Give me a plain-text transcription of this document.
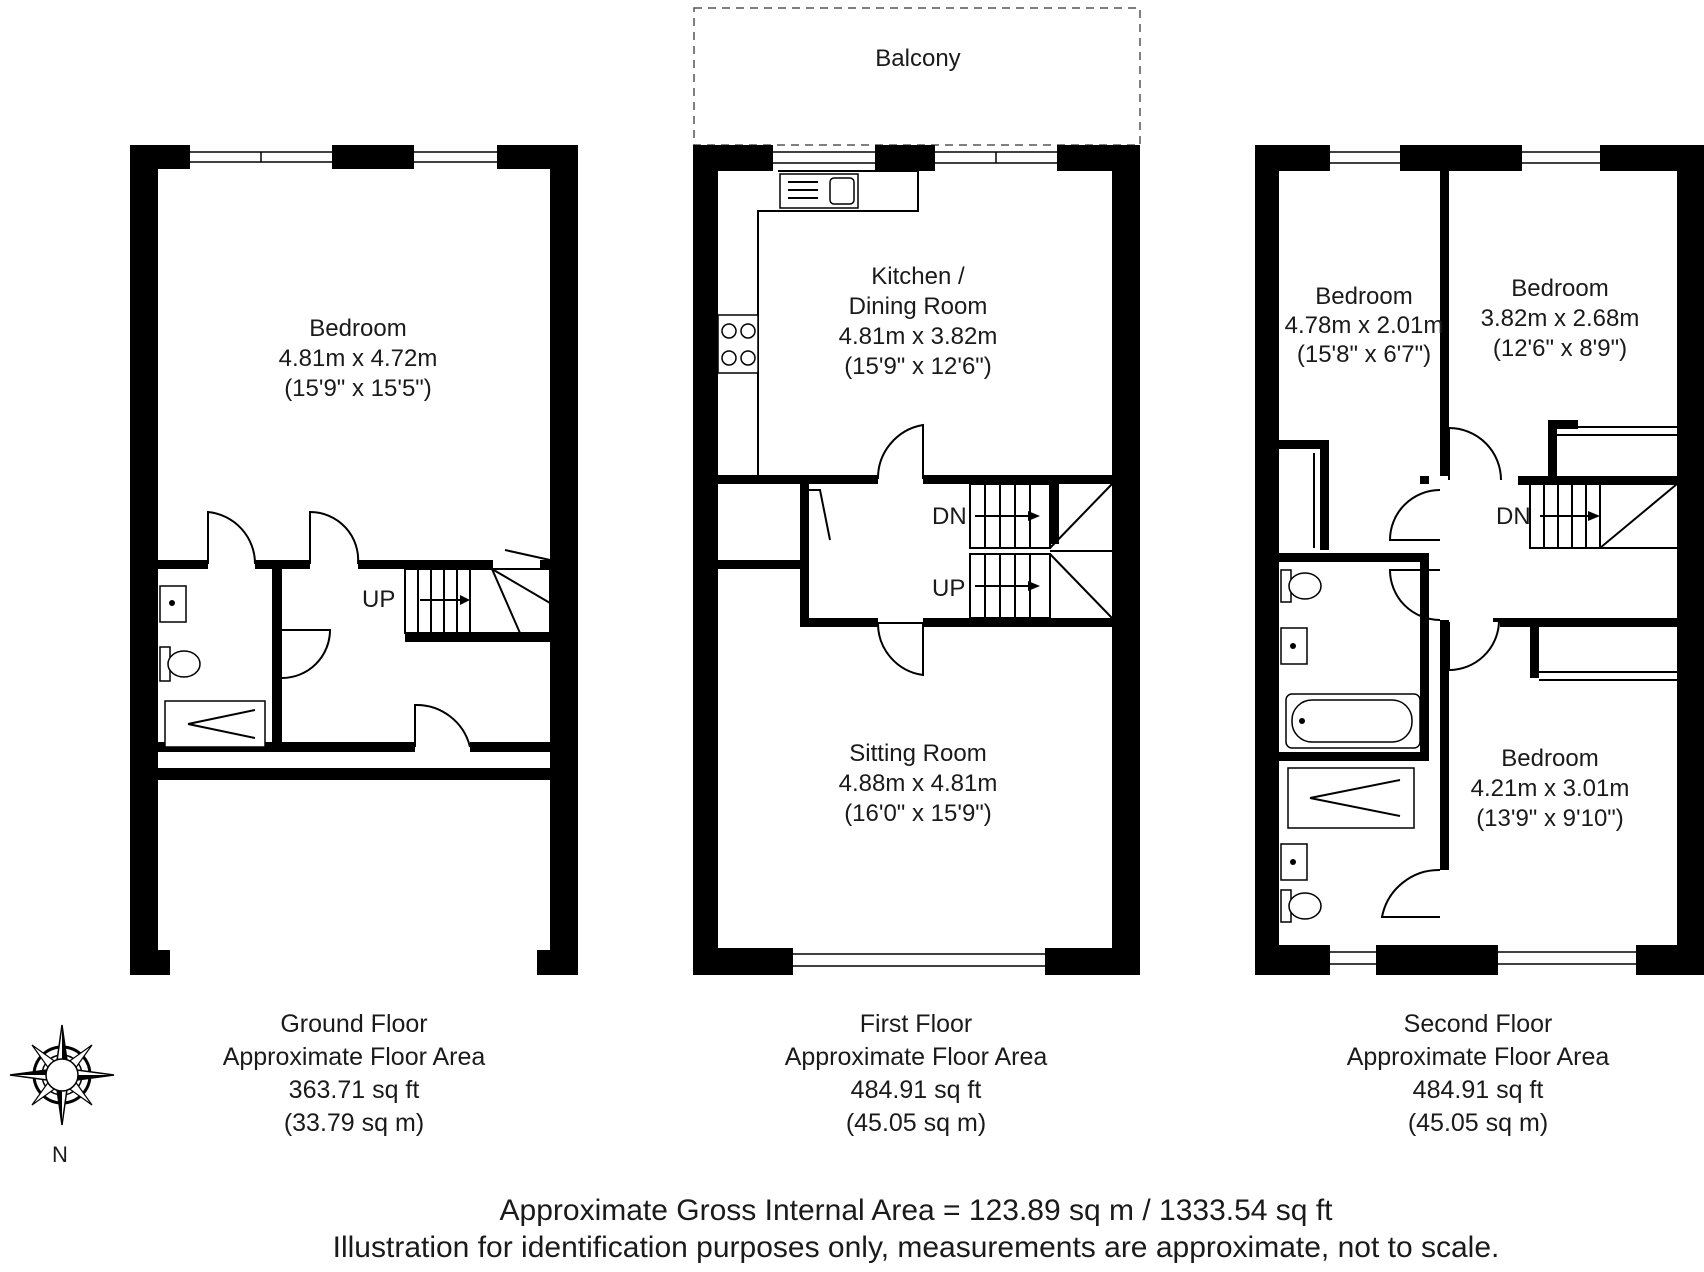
Bedroom
4.81m x 4.72m
(15'9" x 15'5")
UP
Balcony
Kitchen /
Dining Room
4.81m x 3.82m
(15'9" x 12'6")
Sitting Room
4.88m x 4.81m
(16'0" x 15'9")
DN
UP
Bedroom
4.78m x 2.01m
(15'8" x 6'7")
Bedroom
3.82m x 2.68m
(12'6" x 8'9")
Bedroom
4.21m x 3.01m
(13'9" x 9'10")
DN
Ground Floor
Approximate Floor Area
363.71 sq ft
(33.79 sq m)
First Floor
Approximate Floor Area
484.91 sq ft
(45.05 sq m)
Second Floor
Approximate Floor Area
484.91 sq ft
(45.05 sq m)
N
Approximate Gross Internal Area = 123.89 sq m / 1333.54 sq ft
Illustration for identification purposes only, measurements are approximate, not to scale.
